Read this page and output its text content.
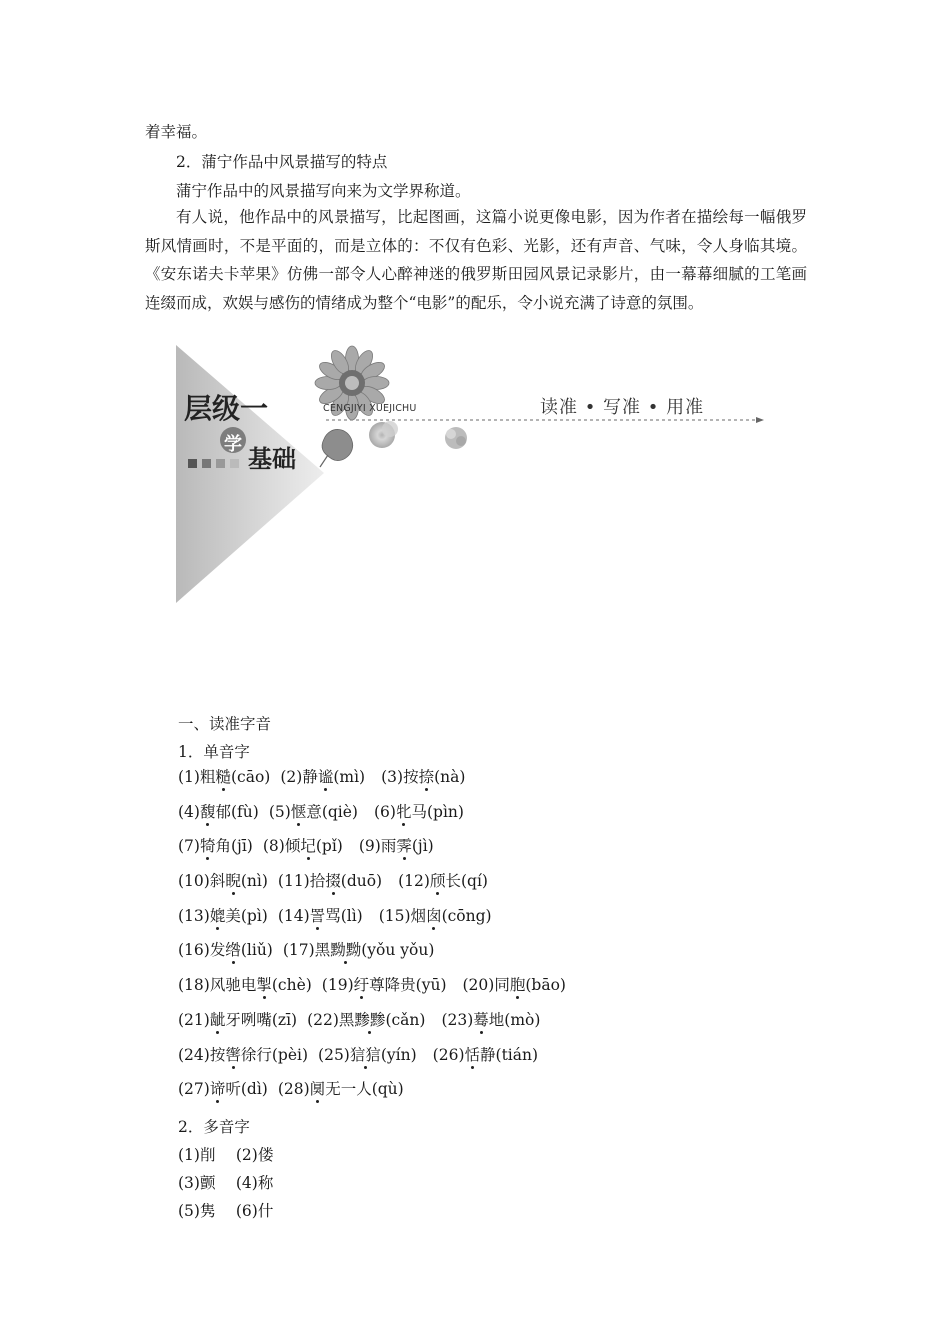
着幸福。
2．蒲宁作品中风景描写的特点
蒲宁作品中的风景描写向来为文学界称道。
有人说，他作品中的风景描写，比起图画，这篇小说更像电影，因为作者在描绘每一幅俄罗斯风情画时，不是平面的，而是立体的：不仅有色彩、光影，还有声音、气味，令人身临其境。《安东诺夫卡苹果》仿佛一部令人心醉神迷的俄罗斯田园风景记录影片，由一幕幕细腻的工笔画连缀而成，欢娱与感伤的情绪成为整个“电影”的配乐，令小说充满了诗意的氛围。
层级一
学
基础
CENGJIYI XUEJICHU	读准 • 写准 • 用准
一、读准字音
1．单音字
(1)粗糙(cāo) (2)静谧(mì) (3)按捺(nà)
(4)馥郁(fù) (5)惬意(qiè) (6)牝马(pìn)
(7)犄角(jī) (8)倾圮(pǐ) (9)雨霁(jì)
(10)斜睨(nì) (11)拾掇(duō) (12)颀长(qí)
(13)媲美(pì) (14)詈骂(lì) (15)烟囱(cōng)
(16)发绺(liǔ) (17)黑黝黝(yǒu yǒu)
(18)风驰电掣(chè) (19)纡尊降贵(yū) (20)同胞(bāo)
(21)龇牙咧嘴(zī) (22)黑黪黪(cǎn) (23)蓦地(mò)
(24)按辔徐行(pèi) (25)狺狺(yín) (26)恬静(tián)
(27)谛听(dì) (28)阒无一人(qù)
2．多音字
(1)削　 (2)偻
(3)颤　 (4)称
(5)隽　 (6)什
